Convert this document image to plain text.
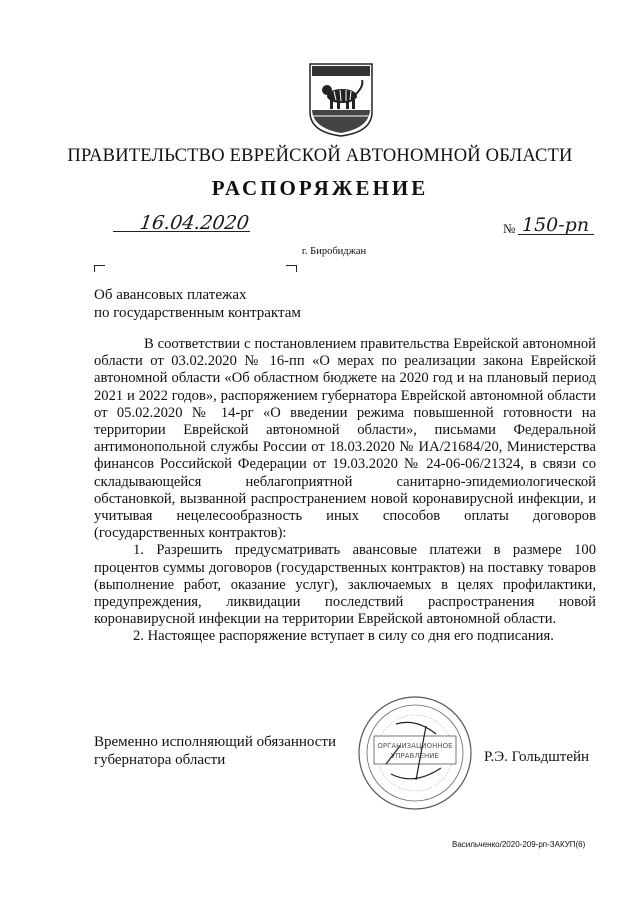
ПРАВИТЕЛЬСТВО ЕВРЕЙСКОЙ АВТОНОМНОЙ ОБЛАСТИ
РАСПОРЯЖЕНИЕ
16.04.2020	№ 150-рп
г. Биробиджан
Об авансовых платежах
по государственным контрактам

В соответствии с постановлением правительства Еврейской автономной области от 03.02.2020 № 16-пп «О мерах по реализации закона Еврейской автономной области «Об областном бюджете на 2020 год и на плановый период 2021 и 2022 годов», распоряжением губернатора Еврейской автономной области от 05.02.2020 № 14-рг «О введении режима повышенной готовности на территории Еврейской автономной области», письмами Федеральной антимонопольной службы России от 18.03.2020 № ИА/21684/20, Министерства финансов Российской Федерации от 19.03.2020 № 24-06-06/21324, в связи со складывающейся неблагоприятной санитарно-эпидемиологической обстановкой, вызванной распространением новой коронавирусной инфекции, и учитывая нецелесообразность иных способов оплаты договоров (государственных контрактов):

1. Разрешить предусматривать авансовые платежи в размере 100 процентов суммы договоров (государственных контрактов) на поставку товаров (выполнение работ, оказание услуг), заключаемых в целях профилактики, предупреждения, ликвидации последствий распространения новой коронавирусной инфекции на территории Еврейской автономной области.

2. Настоящее распоряжение вступает в силу со дня его подписания.

Временно исполняющий обязанности
губернатора области
ОРГАНИЗАЦИОННОЕ
УПРАВЛЕНИЕ	Р.Э. Гольдштейн
Васильченко/2020-209-рп-ЗАКУП(6)
